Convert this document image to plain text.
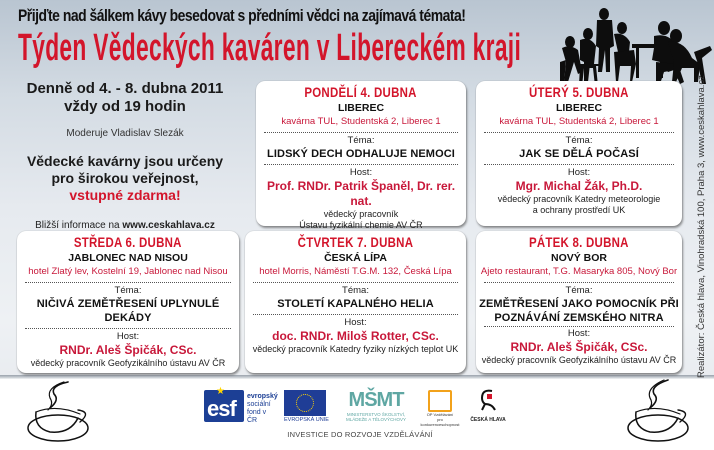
Přijďte nad šálkem kávy besedovat s předními vědci na zajímavá témata!
Týden Vědeckých kaváren v Libereckém kraji
Denně od 4. - 8. dubna 2011
vždy od 19 hodin
Moderuje Vladislav Slezák
Vědecké kavárny jsou určeny
pro širokou veřejnost,
vstupné zdarma!
Bližší informace na www.ceskahlava.cz
PONDĚLÍ 4. DUBNA
LIBEREC
kavárna TUL, Studentská 2, Liberec 1
Téma:
LIDSKÝ DECH ODHALUJE NEMOCI
Host:
Prof. RNDr. Patrik Španěl, Dr. rer. nat.
vědecký pracovník
Ústavu fyzikální chemie AV ČR
ÚTERÝ 5. DUBNA
LIBEREC
kavárna TUL, Studentská 2, Liberec 1
Téma:
JAK SE DĚLÁ POČASÍ
Host:
Mgr. Michal Žák, Ph.D.
vědecký pracovník Katedry meteorologie
a ochrany prostředí UK
STŘEDA 6. DUBNA
JABLONEC NAD NISOU
hotel Zlatý lev, Kostelní 19, Jablonec nad Nisou
Téma:
NIČIVÁ ZEMĚTŘESENÍ UPLYNULÉ DEKÁDY
Host:
RNDr. Aleš Špičák, CSc.
vědecký pracovník Geofyzikálního ústavu AV ČR
ČTVRTEK 7. DUBNA
ČESKÁ LÍPA
hotel Morris, Náměstí T.G.M. 132, Česká Lípa
Téma:
STOLETÍ KAPALNÉHO HELIA
Host:
doc. RNDr. Miloš Rotter, CSc.
vědecký pracovník Katedry fyziky nízkých teplot UK
PÁTEK 8. DUBNA
NOVÝ BOR
Ajeto restaurant, T.G. Masaryka 805, Nový Bor
Téma:
ZEMĚTŘESENÍ JAKO POMOCNÍK PŘI
POZNÁVÁNÍ ZEMSKÉHO NITRA
Host:
RNDr. Aleš Špičák, CSc.
vědecký pracovník Geofyzikálního ústavu AV ČR	Realizátor: Česká hlava, Vinohradská 100, Praha 3, www.ceskahlava.cz
esf
★	evropský
sociální
fond v ČR	EVROPSKÁ UNIE
MŠMT
MINISTERSTVO ŠKOLSTVÍ,
MLÁDEŽE A TĚLOVÝCHOVY
OP Vzdělávání
pro konkurenceschopnost
ČESKÁ HLAVA
INVESTICE DO ROZVOJE VZDĚLÁVÁNÍ
